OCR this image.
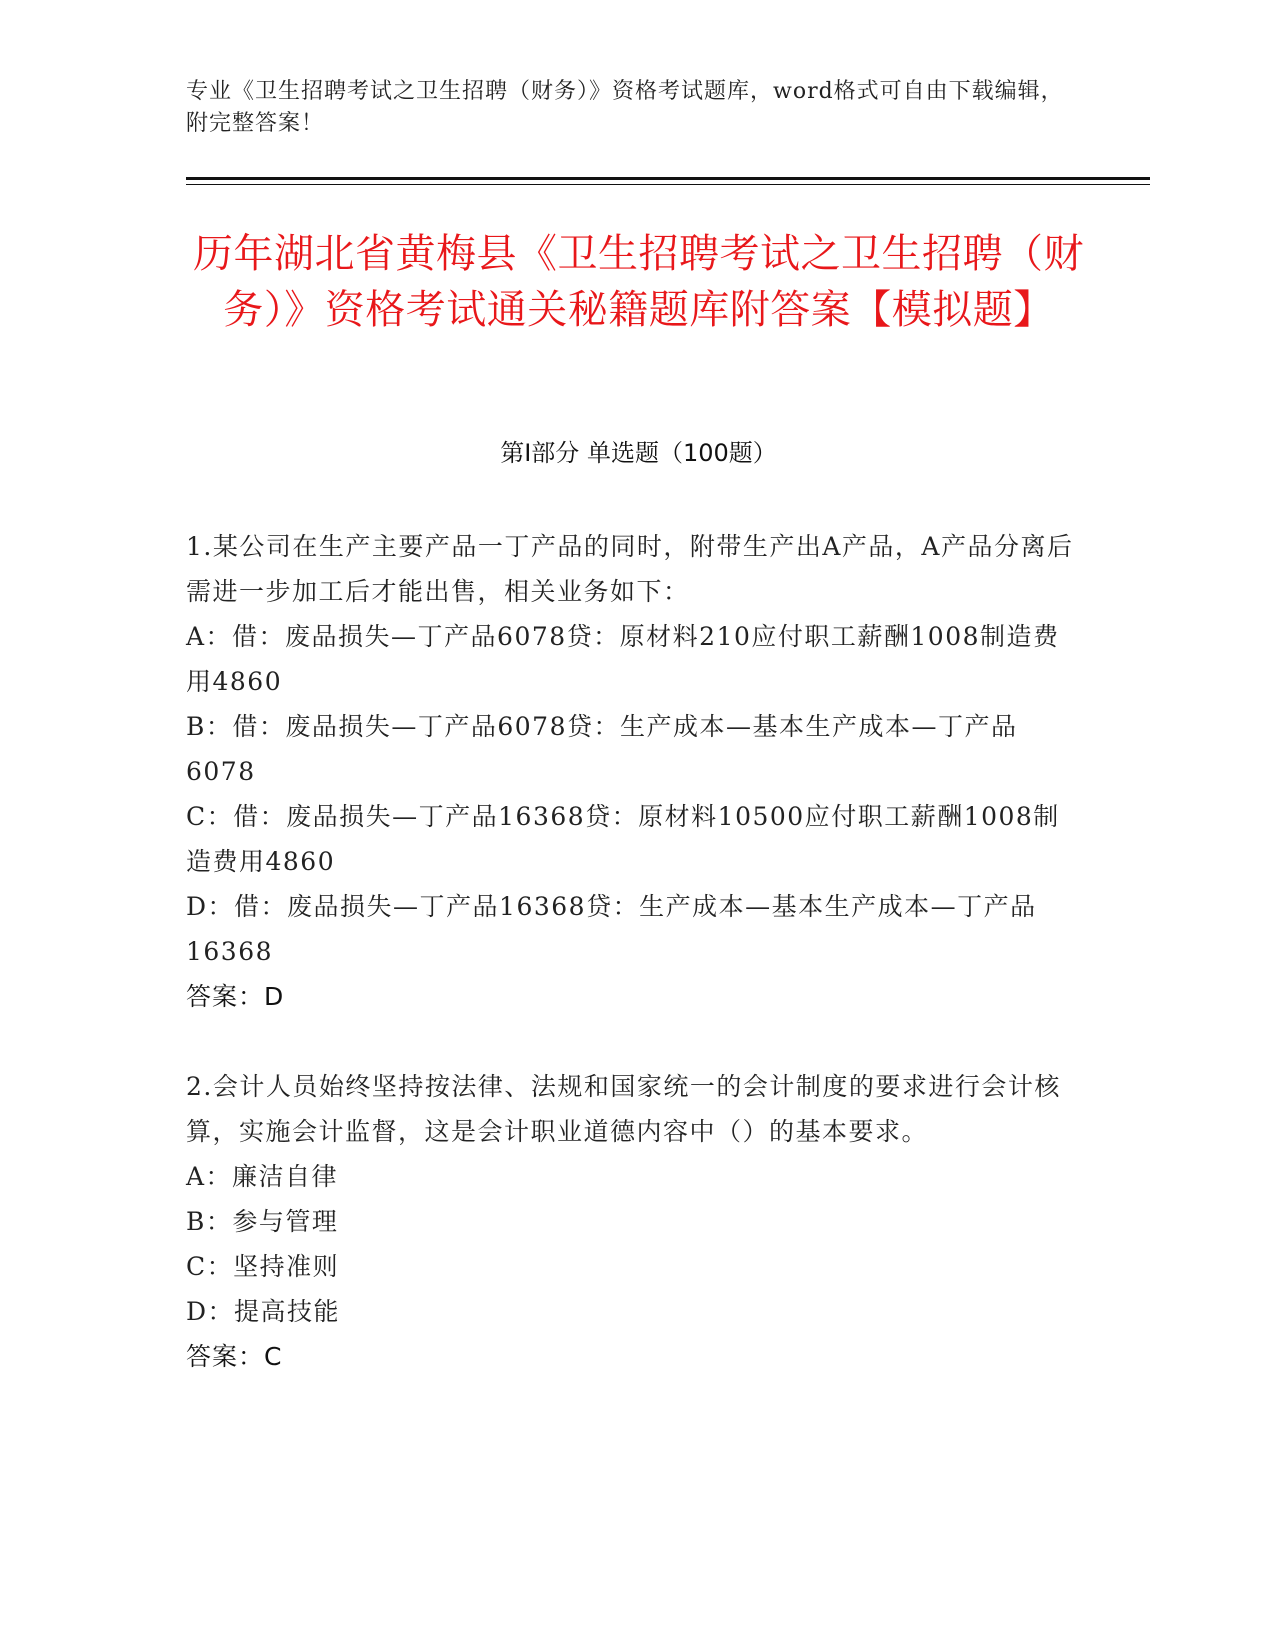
专业《卫生招聘考试之卫生招聘（财务）》资格考试题库，word格式可自由下载编辑，附完整答案！
历年湖北省黄梅县《卫生招聘考试之卫生招聘（财务）》资格考试通关秘籍题库附答案【模拟题】
第I部分 单选题（100题）

1.某公司在生产主要产品一丁产品的同时，附带生产出A产品，A产品分离后需进一步加工后才能出售，相关业务如下：

A：借：废品损失—丁产品6078贷：原材料210应付职工薪酬1008制造费用4860

B：借：废品损失—丁产品6078贷：生产成本—基本生产成本—丁产品6078

C：借：废品损失—丁产品16368贷：原材料10500应付职工薪酬1008制造费用4860

D：借：废品损失—丁产品16368贷：生产成本—基本生产成本—丁产品16368

答案：D

2.会计人员始终坚持按法律、法规和国家统一的会计制度的要求进行会计核算，实施会计监督，这是会计职业道德内容中（）的基本要求。

A：廉洁自律

B：参与管理

C：坚持准则

D：提高技能

答案：C
